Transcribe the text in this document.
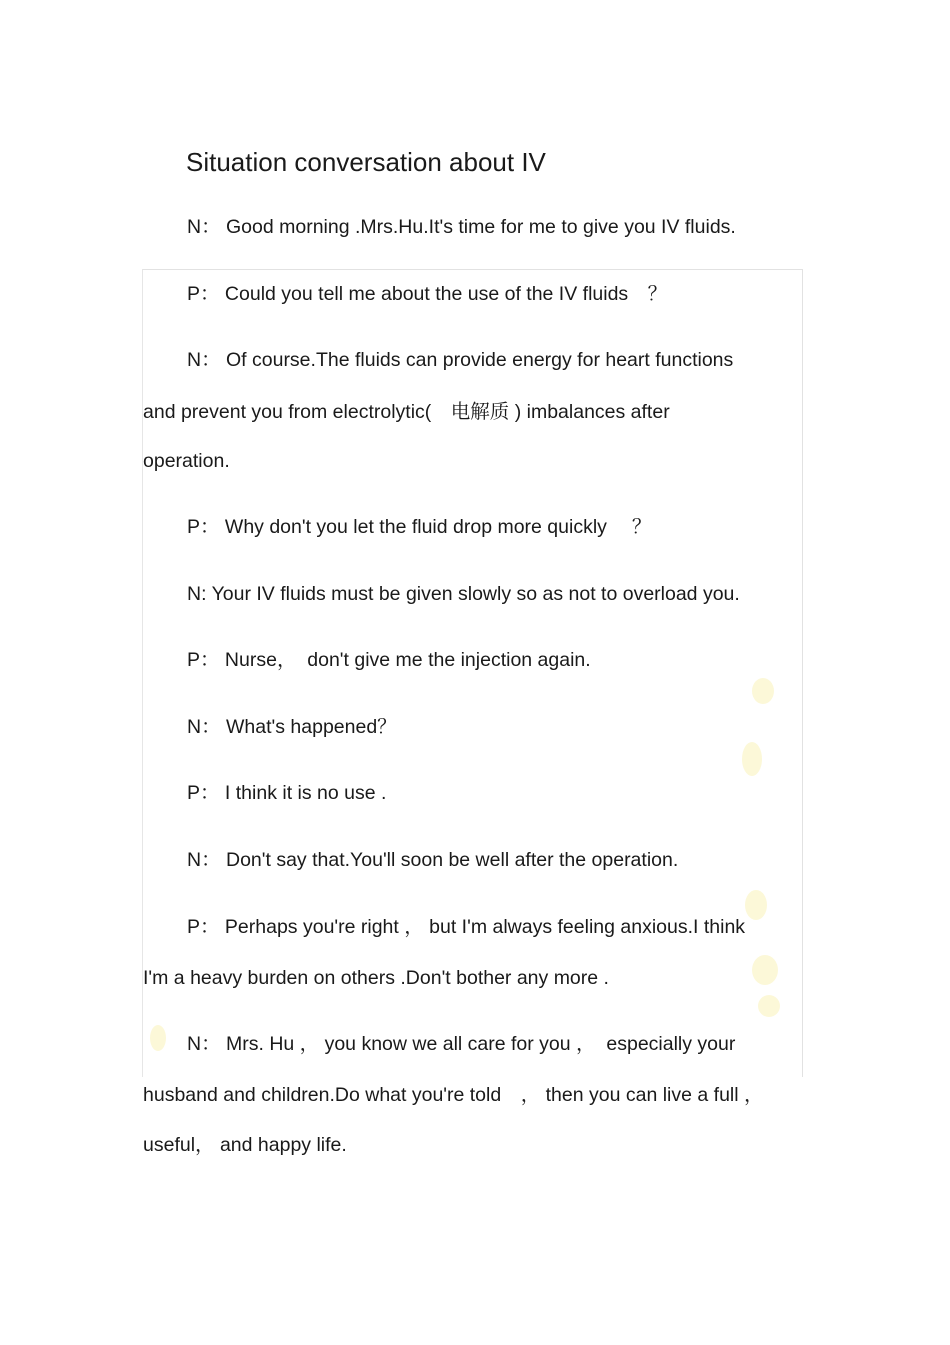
Situation conversation about IV
N： Good morning .Mrs.Hu.It's time for me to give you IV fluids.
P： Could you tell me about the use of the IV fluids　？
N： Of course.The fluids can provide energy for heart functions
and prevent you from electrolytic(　电解质 ) imbalances after
operation.
P： Why don't you let the fluid drop more quickly　 ？
N: Your IV fluids must be given slowly so as not to overload you.
P： Nurse，  don't give me the injection again.
N： What's happened？
P： I think it is no use .
N： Don't say that.You'll soon be well after the operation.
P： Perhaps you're right ， but I'm always feeling anxious.I think
I'm a heavy burden on others .Don't bother any more .
N： Mrs. Hu ， you know we all care for you ，  especially your
husband and children.Do what you're told　， then you can live a full ，
useful， and happy life.
